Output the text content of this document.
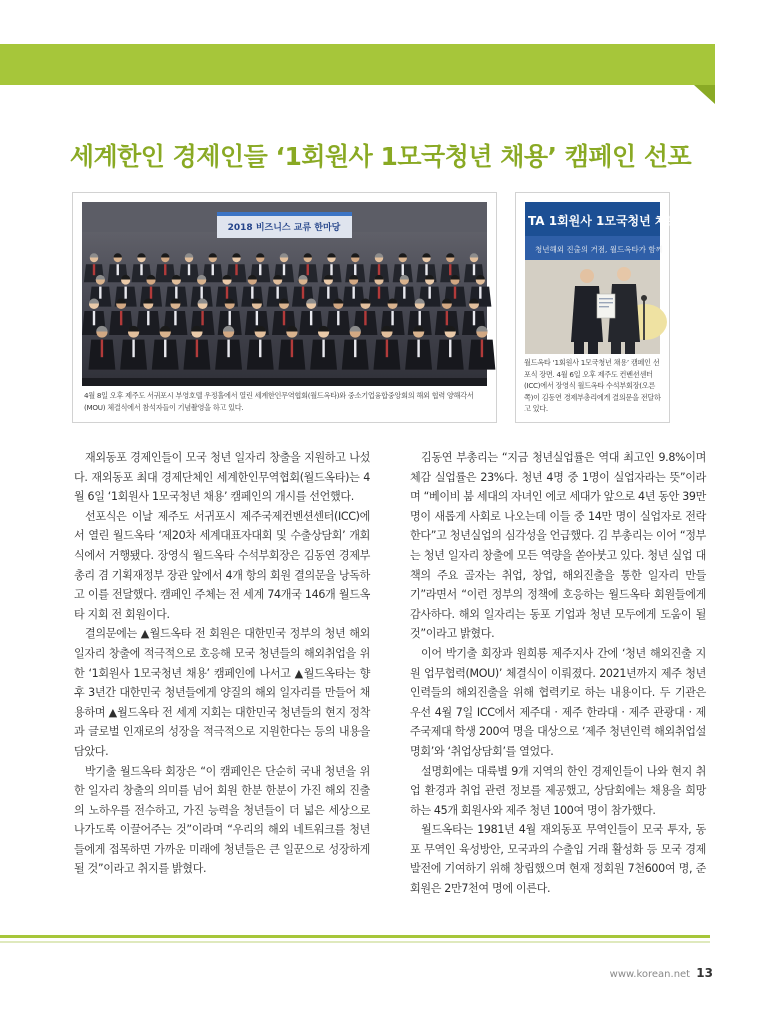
세계한인 경제인들 ‘1회원사 1모국청년 채용’ 캠페인 선포
2018 비즈니스 교류 한마당
4월 8일 오후 제주도 서귀포시 부영호텔 우정홀에서 열린 세계한인무역협회(월드옥타)와 중소기업융합중앙회의 해외 협력 양해각서(MOU) 체결식에서 참석자들이 기념촬영을 하고 있다.
TA 1회원사 1모국청년 채용
청년해외 진출의 거점, 월드옥타가 함께
월드옥타 ‘1회원사 1모국청년 채용’ 캠페인 선포식 장면. 4월 6일 오후 제주도 컨벤션센터(ICC)에서 장영식 월드옥타 수석부회장(오른쪽)이 김동연 경제부총리에게 결의문을 전달하고 있다.

재외동포 경제인들이 모국 청년 일자리 창출을 지원하고 나섰다. 재외동포 최대 경제단체인 세계한인무역협회(월드옥타)는 4월 6일 ‘1회원사 1모국청년 채용’ 캠페인의 개시를 선언했다.

선포식은 이날 제주도 서귀포시 제주국제컨벤션센터(ICC)에서 열린 월드옥타 ‘제20차 세계대표자대회 및 수출상담회’ 개회식에서 거행됐다. 장영식 월드옥타 수석부회장은 김동연 경제부총리 겸 기획재정부 장관 앞에서 4개 항의 회원 결의문을 낭독하고 이를 전달했다. 캠페인 주체는 전 세계 74개국 146개 월드옥타 지회 전 회원이다.

결의문에는 ▲월드옥타 전 회원은 대한민국 정부의 청년 해외 일자리 창출에 적극적으로 호응해 모국 청년들의 해외취업을 위한 ‘1회원사 1모국청년 채용’ 캠페인에 나서고 ▲월드옥타는 향후 3년간 대한민국 청년들에게 양질의 해외 일자리를 만들어 채용하며 ▲월드옥타 전 세계 지회는 대한민국 청년들의 현지 정착과 글로벌 인재로의 성장을 적극적으로 지원한다는 등의 내용을 담았다.

박기출 월드옥타 회장은 “이 캠페인은 단순히 국내 청년을 위한 일자리 창출의 의미를 넘어 회원 한분 한분이 가진 해외 진출의 노하우를 전수하고, 가진 능력을 청년들이 더 넓은 세상으로 나가도록 이끌어주는 것”이라며 “우리의 해외 네트워크를 청년들에게 접목하면 가까운 미래에 청년들은 큰 일꾼으로 성장하게 될 것”이라고 취지를 밝혔다.

김동연 부총리는 “지금 청년실업률은 역대 최고인 9.8%이며 체감 실업률은 23%다. 청년 4명 중 1명이 실업자라는 뜻”이라며 “베이비 붐 세대의 자녀인 에코 세대가 앞으로 4년 동안 39만 명이 새롭게 사회로 나오는데 이들 중 14만 명이 실업자로 전락한다”고 청년실업의 심각성을 언급했다. 김 부총리는 이어 “정부는 청년 일자리 창출에 모든 역량을 쏟아붓고 있다. 청년 실업 대책의 주요 골자는 취업, 창업, 해외진출을 통한 일자리 만들기”라면서 “이런 정부의 정책에 호응하는 월드옥타 회원들에게 감사하다. 해외 일자리는 동포 기업과 청년 모두에게 도움이 될 것”이라고 밝혔다.

이어 박기출 회장과 원희룡 제주지사 간에 ‘청년 해외진출 지원 업무협력(MOU)’ 체결식이 이뤄졌다. 2021년까지 제주 청년인력들의 해외진출을 위해 협력키로 하는 내용이다. 두 기관은 우선 4월 7일 ICC에서 제주대 · 제주 한라대 · 제주 관광대 · 제주국제대 학생 200여 명을 대상으로 ‘제주 청년인력 해외취업설명회’와 ‘취업상담회’를 열었다.

설명회에는 대륙별 9개 지역의 한인 경제인들이 나와 현지 취업 환경과 취업 관련 정보를 제공했고, 상담회에는 채용을 희망하는 45개 회원사와 제주 청년 100여 명이 참가했다.

월드옥타는 1981년 4월 재외동포 무역인들이 모국 투자, 동포 무역인 육성방안, 모국과의 수출입 거래 활성화 등 모국 경제발전에 기여하기 위해 창립했으며 현재 정회원 7천600여 명, 준회원은 2만7천여 명에 이른다.

www.korean.net 13
